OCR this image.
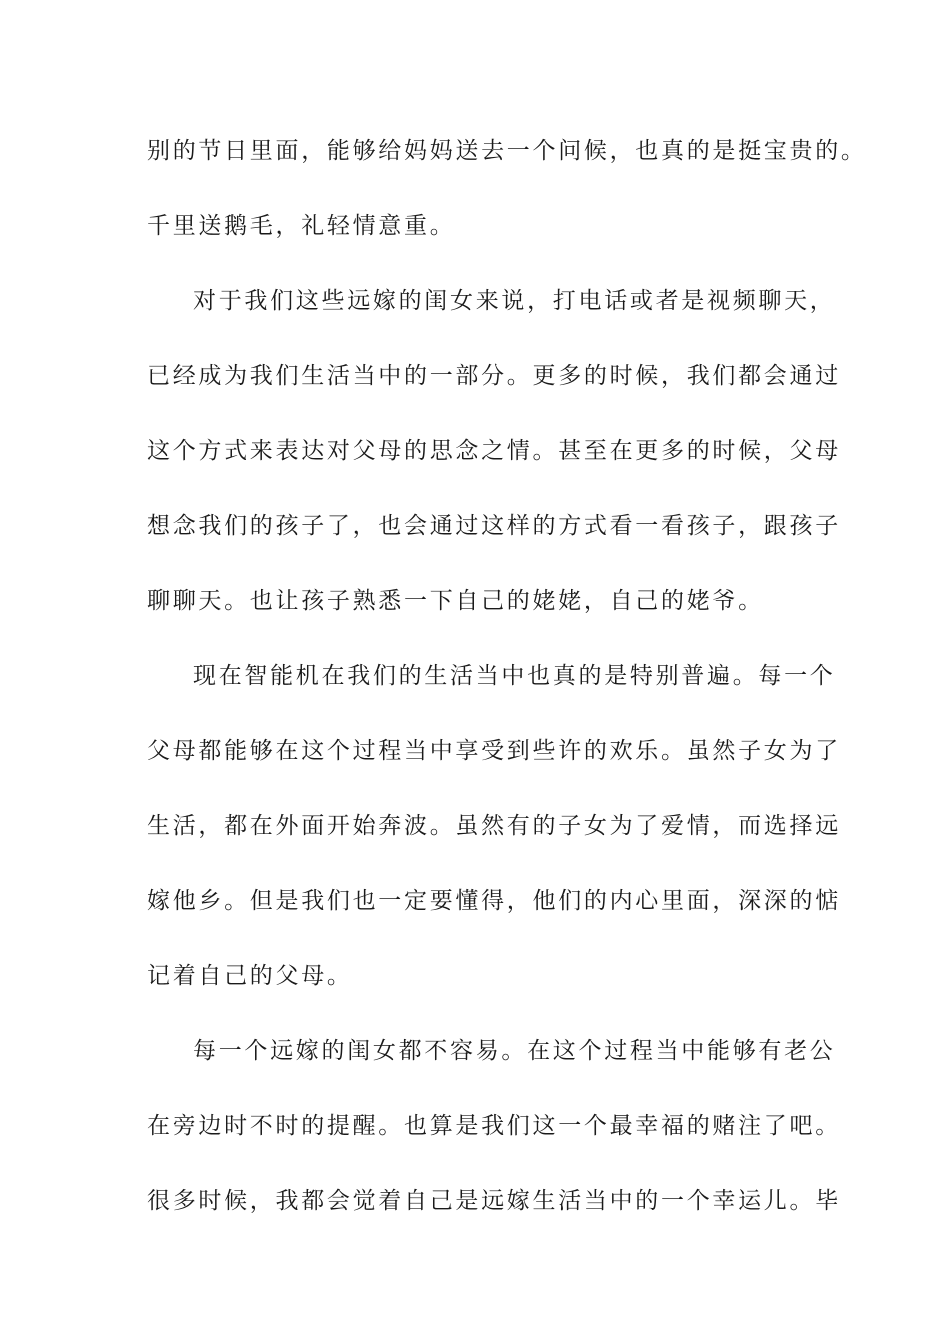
别的节日里面，能够给妈妈送去一个问候，也真的是挺宝贵的。
千里送鹅毛，礼轻情意重。
对于我们这些远嫁的闺女来说，打电话或者是视频聊天，
已经成为我们生活当中的一部分。更多的时候，我们都会通过
这个方式来表达对父母的思念之情。甚至在更多的时候，父母
想念我们的孩子了，也会通过这样的方式看一看孩子，跟孩子
聊聊天。也让孩子熟悉一下自己的姥姥，自己的姥爷。
现在智能机在我们的生活当中也真的是特别普遍。每一个
父母都能够在这个过程当中享受到些许的欢乐。虽然子女为了
生活，都在外面开始奔波。虽然有的子女为了爱情，而选择远
嫁他乡。但是我们也一定要懂得，他们的内心里面，深深的惦
记着自己的父母。
每一个远嫁的闺女都不容易。在这个过程当中能够有老公
在旁边时不时的提醒。也算是我们这一个最幸福的赌注了吧。
很多时候，我都会觉着自己是远嫁生活当中的一个幸运儿。毕
